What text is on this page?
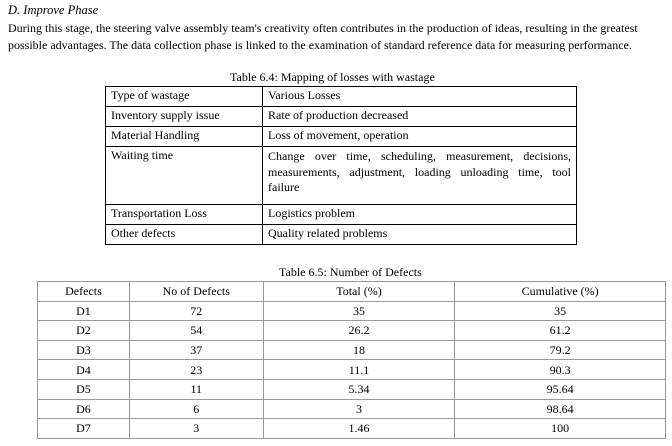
D. Improve Phase
During this stage, the steering valve assembly team's creativity often contributes in the production of ideas, resulting in the greatest
possible advantages. The data collection phase is linked to the examination of standard reference data for measuring performance.
Table 6.4: Mapping of losses with wastage
Type of wastage	Various Losses
Inventory supply issue	Rate of production decreased
Material Handling	Loss of movement, operation
Waiting time	Change over time, scheduling, measurement, decisions, measurements, adjustment, loading unloading time, tool failure
Transportation Loss	Logistics problem
Other defects	Quality related problems
Table 6.5: Number of Defects
Defects	No of Defects	Total (%)	Cumulative (%)
D1	72	35	35
D2	54	26.2	61.2
D3	37	18	79.2
D4	23	11.1	90.3
D5	11	5.34	95.64
D6	6	3	98.64
D7	3	1.46	100
